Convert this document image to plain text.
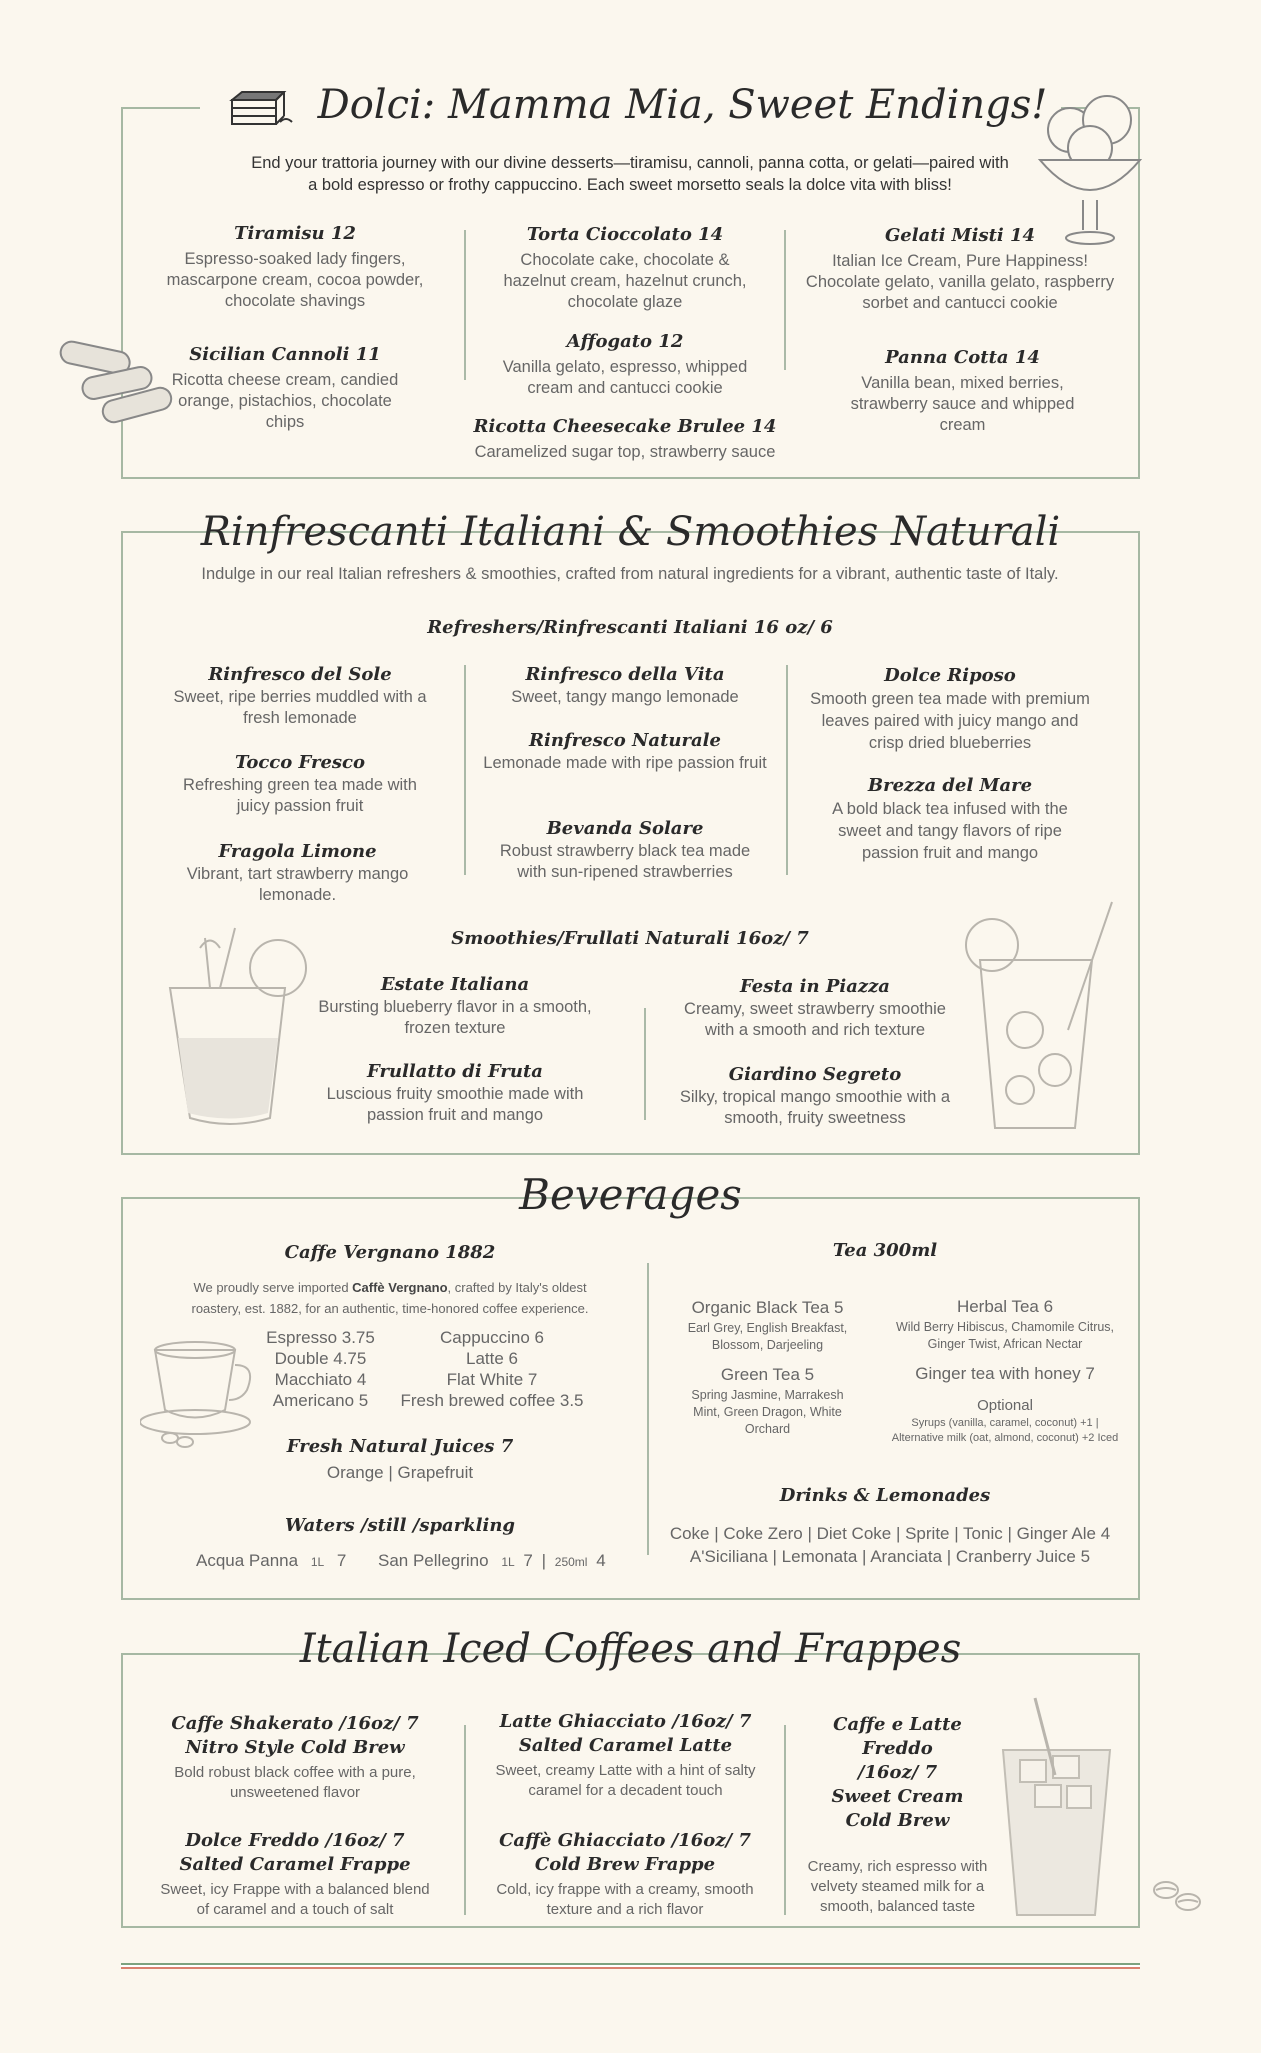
Dolci: Mamma Mia, Sweet Endings!
End your trattoria journey with our divine desserts—tiramisu, cannoli, panna cotta, or gelati—paired with
a bold espresso or frothy cappuccino. Each sweet morsetto seals la dolce vita with bliss!
Tiramisu 12
Espresso-soaked lady fingers, mascarpone cream, cocoa powder, chocolate shavings
Sicilian Cannoli 11
Ricotta cheese cream, candied orange, pistachios, chocolate chips
Torta Cioccolato 14
Chocolate cake, chocolate & hazelnut cream, hazelnut crunch, chocolate glaze
Affogato 12
Vanilla gelato, espresso, whipped cream and cantucci cookie
Ricotta Cheesecake Brulee 14
Caramelized sugar top, strawberry sauce
Gelati Misti 14
Italian Ice Cream, Pure Happiness! Chocolate gelato, vanilla gelato, raspberry sorbet and cantucci cookie
Panna Cotta 14
Vanilla bean, mixed berries, strawberry sauce and whipped cream
Rinfrescanti Italiani & Smoothies Naturali
Indulge in our real Italian refreshers & smoothies, crafted from natural ingredients for a vibrant, authentic taste of Italy.
Refreshers/Rinfrescanti Italiani 16 oz/ 6
Rinfresco del Sole
Sweet, ripe berries muddled with a fresh lemonade
Tocco Fresco
Refreshing green tea made with juicy passion fruit
Fragola Limone
Vibrant, tart strawberry mango lemonade.
Rinfresco della Vita
Sweet, tangy mango lemonade
Rinfresco Naturale
Lemonade made with ripe passion fruit
Bevanda Solare
Robust strawberry black tea made with sun-ripened strawberries
Dolce Riposo
Smooth green tea made with premium leaves paired with juicy mango and crisp dried blueberries
Brezza del Mare
A bold black tea infused with the sweet and tangy flavors of ripe passion fruit and mango
Smoothies/Frullati Naturali 16oz/ 7
Estate Italiana
Bursting blueberry flavor in a smooth, frozen texture
Frullatto di Fruta
Luscious fruity smoothie made with passion fruit and mango
Festa in Piazza
Creamy, sweet strawberry smoothie with a smooth and rich texture
Giardino Segreto
Silky, tropical mango smoothie with a smooth, fruity sweetness
Beverages
Caffe Vergnano 1882
We proudly serve imported Caffè Vergnano, crafted by Italy's oldest
roastery, est. 1882, for an authentic, time-honored coffee experience.
Espresso 3.75
Double 4.75
Macchiato 4
Americano 5
Cappuccino 6
Latte 6
Flat White 7
Fresh brewed coffee 3.5
Fresh Natural Juices 7
Orange | Grapefruit
Waters /still /sparkling
Acqua Panna 1L 7 San Pellegrino 1L 7 | 250ml 4
Tea 300ml
Organic Black Tea 5
Earl Grey, English Breakfast, Blossom, Darjeeling
Green Tea 5
Spring Jasmine, Marrakesh Mint, Green Dragon, White Orchard
Herbal Tea 6
Wild Berry Hibiscus, Chamomile Citrus, Ginger Twist, African Nectar
Ginger tea with honey 7
Optional
Syrups (vanilla, caramel, coconut) +1 | Alternative milk (oat, almond, coconut) +2 Iced
Drinks & Lemonades
Coke | Coke Zero | Diet Coke | Sprite | Tonic | Ginger Ale 4
A'Siciliana | Lemonata | Aranciata | Cranberry Juice 5
Italian Iced Coffees and Frappes
Caffe Shakerato /16oz/ 7
Nitro Style Cold Brew
Bold robust black coffee with a pure, unsweetened flavor
Dolce Freddo /16oz/ 7
Salted Caramel Frappe
Sweet, icy Frappe with a balanced blend of caramel and a touch of salt
Latte Ghiacciato /16oz/ 7
Salted Caramel Latte
Sweet, creamy Latte with a hint of salty caramel for a decadent touch
Caffè Ghiacciato /16oz/ 7
Cold Brew Frappe
Cold, icy frappe with a creamy, smooth texture and a rich flavor
Caffe e Latte Freddo
/16oz/ 7
Sweet Cream
Cold Brew
Creamy, rich espresso with velvety steamed milk for a smooth, balanced taste
